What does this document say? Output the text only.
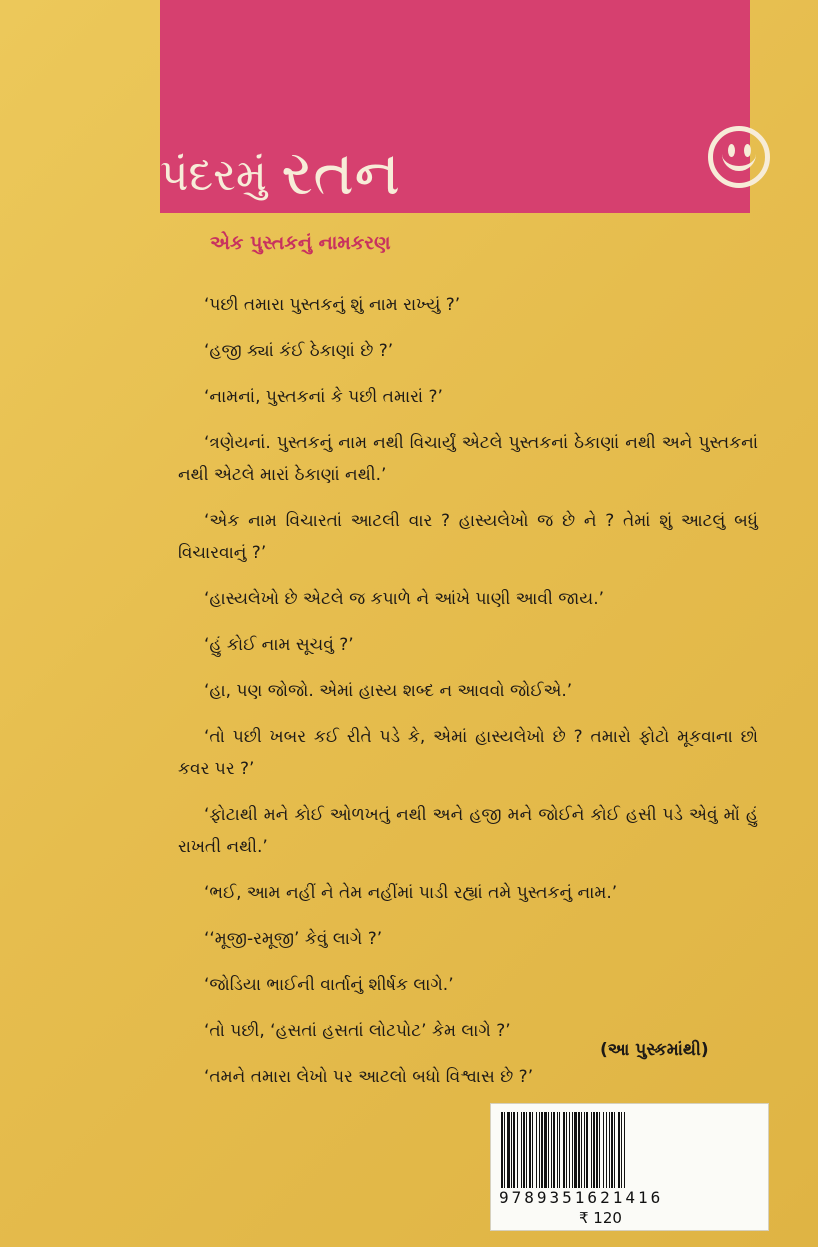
પંદરમું રતન
એક પુસ્તકનું નામકરણ

‘પછી તમારા પુસ્તકનું શું નામ રાખ્યું ?’

‘હજી ક્યાં કંઈ ઠેકાણાં છે ?’

‘નામનાં, પુસ્તકનાં કે પછી તમારાં ?’

‘ત્રણેયનાં. પુસ્તકનું નામ નથી વિચાર્યું એટલે પુસ્તકનાં ઠેકાણાં નથી અને પુસ્તકનાં નથી એટલે મારાં ઠેકાણાં નથી.’

‘એક નામ વિચારતાં આટલી વાર ? હાસ્યલેખો જ છે ને ? તેમાં શું આટલું બધું વિચારવાનું ?’

‘હાસ્યલેખો છે એટલે જ કપાળે ને આંખે પાણી આવી જાય.’

‘હું કોઈ નામ સૂચવું ?’

‘હા, પણ જોજો. એમાં હાસ્ય શબ્દ ન આવવો જોઈએ.’

‘તો પછી ખબર કઈ રીતે પડે કે, એમાં હાસ્યલેખો છે ? તમારો ફોટો મૂકવાના છો કવર પર ?’

‘ફોટાથી મને કોઈ ઓળખતું નથી અને હજી મને જોઈને કોઈ હસી પડે એવું મોં હું રાખતી નથી.’

‘ભઈ, આમ નહીં ને તેમ નહીંમાં પાડી રહ્યાં તમે પુસ્તકનું નામ.’

‘‘મૂજી-રમૂજી’ કેવું લાગે ?’

‘જોડિયા ભાઈની વાર્તાનું શીર્ષક લાગે.’

‘તો પછી, ‘હસતાં હસતાં લોટપોટ’ કેમ લાગે ?’

‘તમને તમારા લેખો પર આટલો બધો વિશ્વાસ છે ?’

(આ પુસ્કમાંથી)
9789351621416
₹ 120
